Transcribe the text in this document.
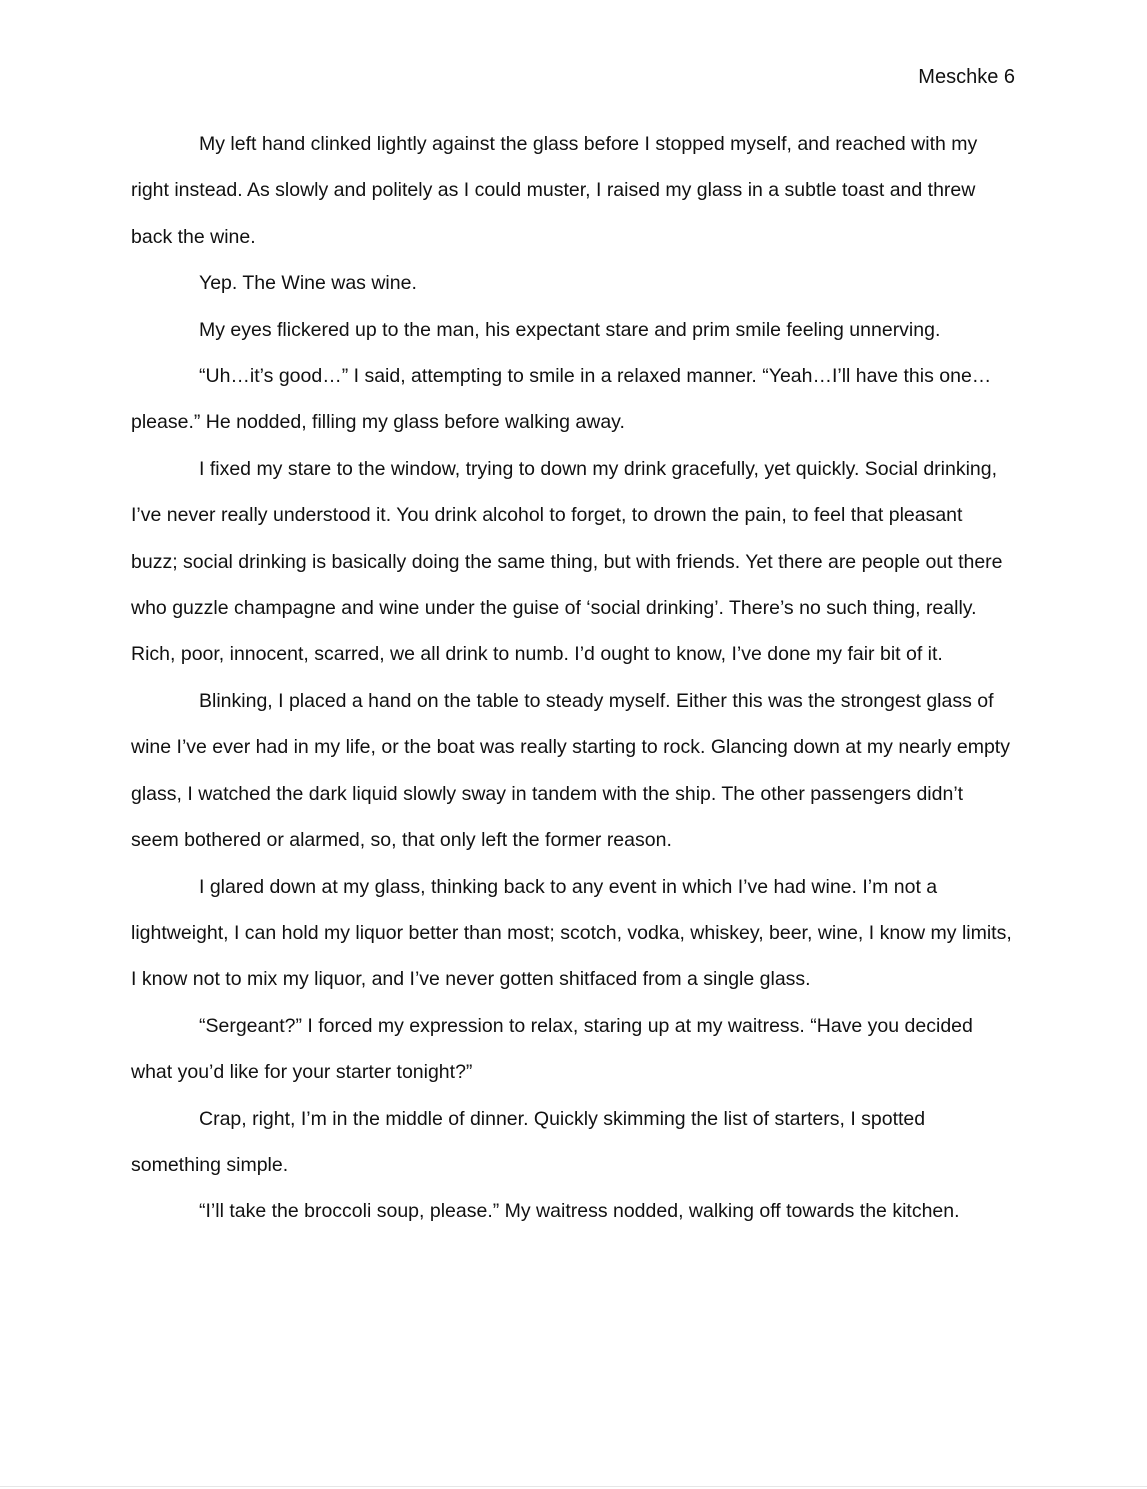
Meschke 6

My left hand clinked lightly against the glass before I stopped myself, and reached with my right instead. As slowly and politely as I could muster, I raised my glass in a subtle toast and threw back the wine.

Yep. The Wine was wine.

My eyes flickered up to the man, his expectant stare and prim smile feeling unnerving.

“Uh…it’s good…” I said, attempting to smile in a relaxed manner. “Yeah…I’ll have this one…please.” He nodded, filling my glass before walking away.

I fixed my stare to the window, trying to down my drink gracefully, yet quickly. Social drinking, I’ve never really understood it. You drink alcohol to forget, to drown the pain, to feel that pleasant buzz; social drinking is basically doing the same thing, but with friends. Yet there are people out there who guzzle champagne and wine under the guise of ‘social drinking’. There’s no such thing, really. Rich, poor, innocent, scarred, we all drink to numb. I’d ought to know, I’ve done my fair bit of it.

Blinking, I placed a hand on the table to steady myself. Either this was the strongest glass of wine I’ve ever had in my life, or the boat was really starting to rock. Glancing down at my nearly empty glass, I watched the dark liquid slowly sway in tandem with the ship. The other passengers didn’t seem bothered or alarmed, so, that only left the former reason.

I glared down at my glass, thinking back to any event in which I’ve had wine. I’m not a lightweight, I can hold my liquor better than most; scotch, vodka, whiskey, beer, wine, I know my limits, I know not to mix my liquor, and I’ve never gotten shitfaced from a single glass.

“Sergeant?” I forced my expression to relax, staring up at my waitress. “Have you decided what you’d like for your starter tonight?”

Crap, right, I’m in the middle of dinner. Quickly skimming the list of starters, I spotted something simple.

“I’ll take the broccoli soup, please.” My waitress nodded, walking off towards the kitchen.
